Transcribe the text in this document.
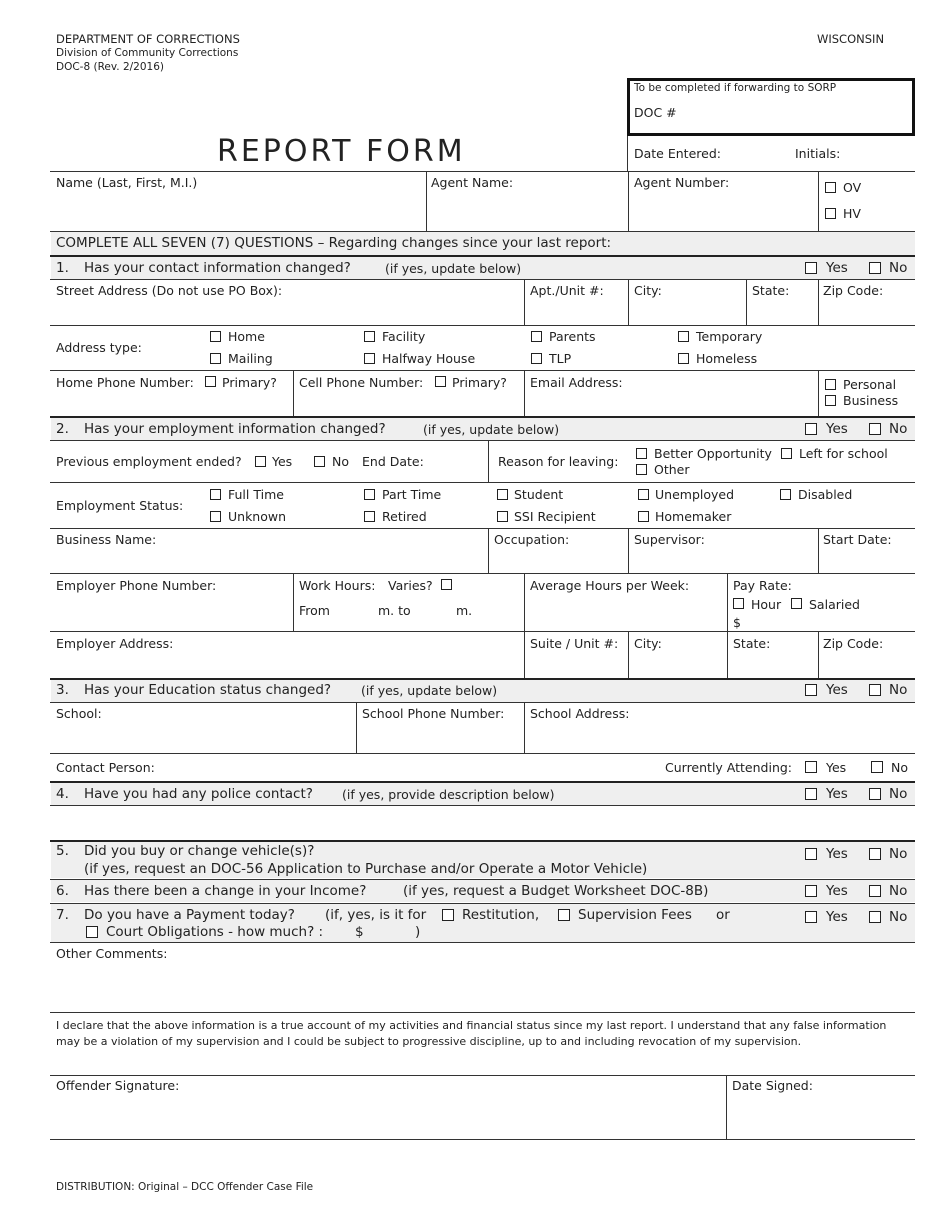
DEPARTMENT OF CORRECTIONS
Division of Community Corrections
DOC-8 (Rev. 2/2016)
WISCONSIN
To be completed if forwarding to SORP
DOC #
REPORT FORM	Date Entered:	Initials:
Name (Last, First, M.I.)	Agent Name:	Agent Number:	OV
HV
COMPLETE ALL SEVEN (7) QUESTIONS – Regarding changes since your last report:
1. Has your contact information changed?	(if yes, update below)	Yes	No
Street Address (Do not use PO Box):	Apt./Unit #: City:	State:	Zip Code:
Address type:
Home	Facility	Parents	Temporary
Mailing	Halfway House	TLP	Homeless
Home Phone Number: Primary? Cell Phone Number: Primary? Email Address:	Personal
Business
2. Has your employment information changed?	(if yes, update below)	Yes	No
Previous employment ended? Yes	No End Date:	Reason for leaving:
Better Opportunity Left for school
Other
Employment Status:
Full Time	Part Time	Student	Unemployed	Disabled
Unknown	Retired	SSI Recipient	Homemaker
Business Name:	Occupation:	Supervisor:	Start Date:
Employer Phone Number:	Work Hours: Varies?
From	m. to	m.
Average Hours per Week:	Pay Rate:
Hour Salaried
$
Employer Address:	Suite / Unit #: City:	State:	Zip Code:
3. Has your Education status changed? (if yes, update below)	Yes	No
School:	School Phone Number: School Address:
Contact Person:	Currently Attending:	Yes	No
4. Have you had any police contact? (if yes, provide description below)	Yes	No
5. Did you buy or change vehicle(s)?
(if yes, request an DOC-56 Application to Purchase and/or Operate a Motor Vehicle)
Yes	No
6. Has there been a change in your Income?	(if yes, request a Budget Worksheet DOC-8B)	Yes	No
7. Do you have a Payment today? (if, yes, is it for	Restitution,	Supervision Fees or
Court Obligations - how much? : $	)
Yes	No
Other Comments:
I declare that the above information is a true account of my activities and financial status since my last report. I understand that any false information may be a violation of my supervision and I could be subject to progressive discipline, up to and including revocation of my supervision.
Offender Signature:	Date Signed:
DISTRIBUTION: Original – DCC Offender Case File
